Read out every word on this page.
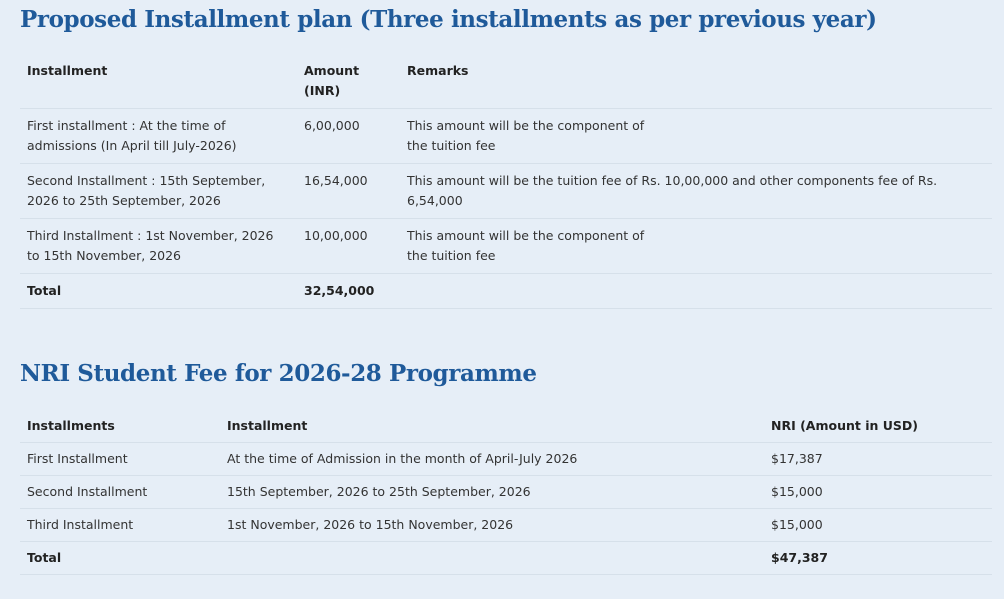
Proposed Installment plan (Three installments as per previous year)
Installment	Amount (INR)	Remarks

First installment : At the time of admissions (In April till July-2026)	6,00,000	This amount will be the component of the tuition fee

Second Installment : 15th September, 2026 to 25th September, 2026	16,54,000	This amount will be the tuition fee of Rs. 10,00,000 and other components fee of Rs. 6,54,000

Third Installment : 1st November, 2026 to 15th November, 2026	10,00,000	This amount will be the component of the tuition fee

Total	32,54,000	
NRI Student Fee for 2026-28 Programme
Installments	Installment	NRI (Amount in USD)
First Installment	At the time of Admission in the month of April-July 2026	$17,387
Second Installment	15th September, 2026 to 25th September, 2026	$15,000
Third Installment	1st November, 2026 to 15th November, 2026	$15,000
Total		$47,387
